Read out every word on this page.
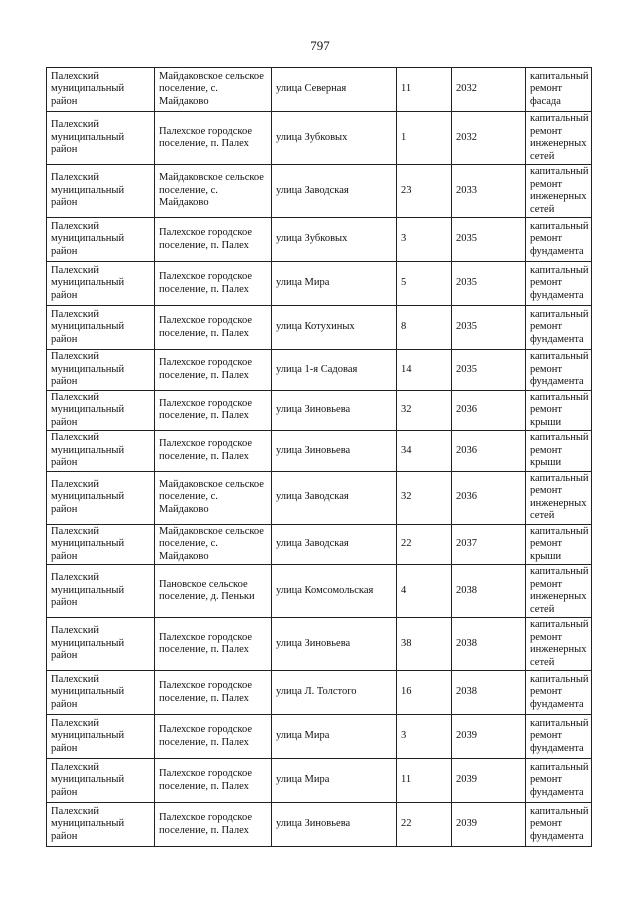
797
Палехский муниципальный район	Майдаковское сельское поселение, с. Майдаково	улица Северная	11	2032	капитальный ремонт фасада
Палехский муниципальный район	Палехское городское поселение, п. Палех	улица Зубковых	1	2032	капитальный ремонт инженерных сетей
Палехский муниципальный район	Майдаковское сельское поселение, с. Майдаково	улица Заводская	23	2033	капитальный ремонт инженерных сетей
Палехский муниципальный район	Палехское городское поселение, п. Палех	улица Зубковых	3	2035	капитальный ремонт фундамента
Палехский муниципальный район	Палехское городское поселение, п. Палех	улица Мира	5	2035	капитальный ремонт фундамента
Палехский муниципальный район	Палехское городское поселение, п. Палех	улица Котухиных	8	2035	капитальный ремонт фундамента
Палехский муниципальный район	Палехское городское поселение, п. Палех	улица 1-я Садовая	14	2035	капитальный ремонт фундамента
Палехский муниципальный район	Палехское городское поселение, п. Палех	улица Зиновьева	32	2036	капитальный ремонт крыши
Палехский муниципальный район	Палехское городское поселение, п. Палех	улица Зиновьева	34	2036	капитальный ремонт крыши
Палехский муниципальный район	Майдаковское сельское поселение, с. Майдаково	улица Заводская	32	2036	капитальный ремонт инженерных сетей
Палехский муниципальный район	Майдаковское сельское поселение, с. Майдаково	улица Заводская	22	2037	капитальный ремонт крыши
Палехский муниципальный район	Пановское сельское поселение, д. Пеньки	улица Комсомольская	4	2038	капитальный ремонт инженерных сетей
Палехский муниципальный район	Палехское городское поселение, п. Палех	улица Зиновьева	38	2038	капитальный ремонт инженерных сетей
Палехский муниципальный район	Палехское городское поселение, п. Палех	улица Л. Толстого	16	2038	капитальный ремонт фундамента
Палехский муниципальный район	Палехское городское поселение, п. Палех	улица Мира	3	2039	капитальный ремонт фундамента
Палехский муниципальный район	Палехское городское поселение, п. Палех	улица Мира	11	2039	капитальный ремонт фундамента
Палехский муниципальный район	Палехское городское поселение, п. Палех	улица Зиновьева	22	2039	капитальный ремонт фундамента
